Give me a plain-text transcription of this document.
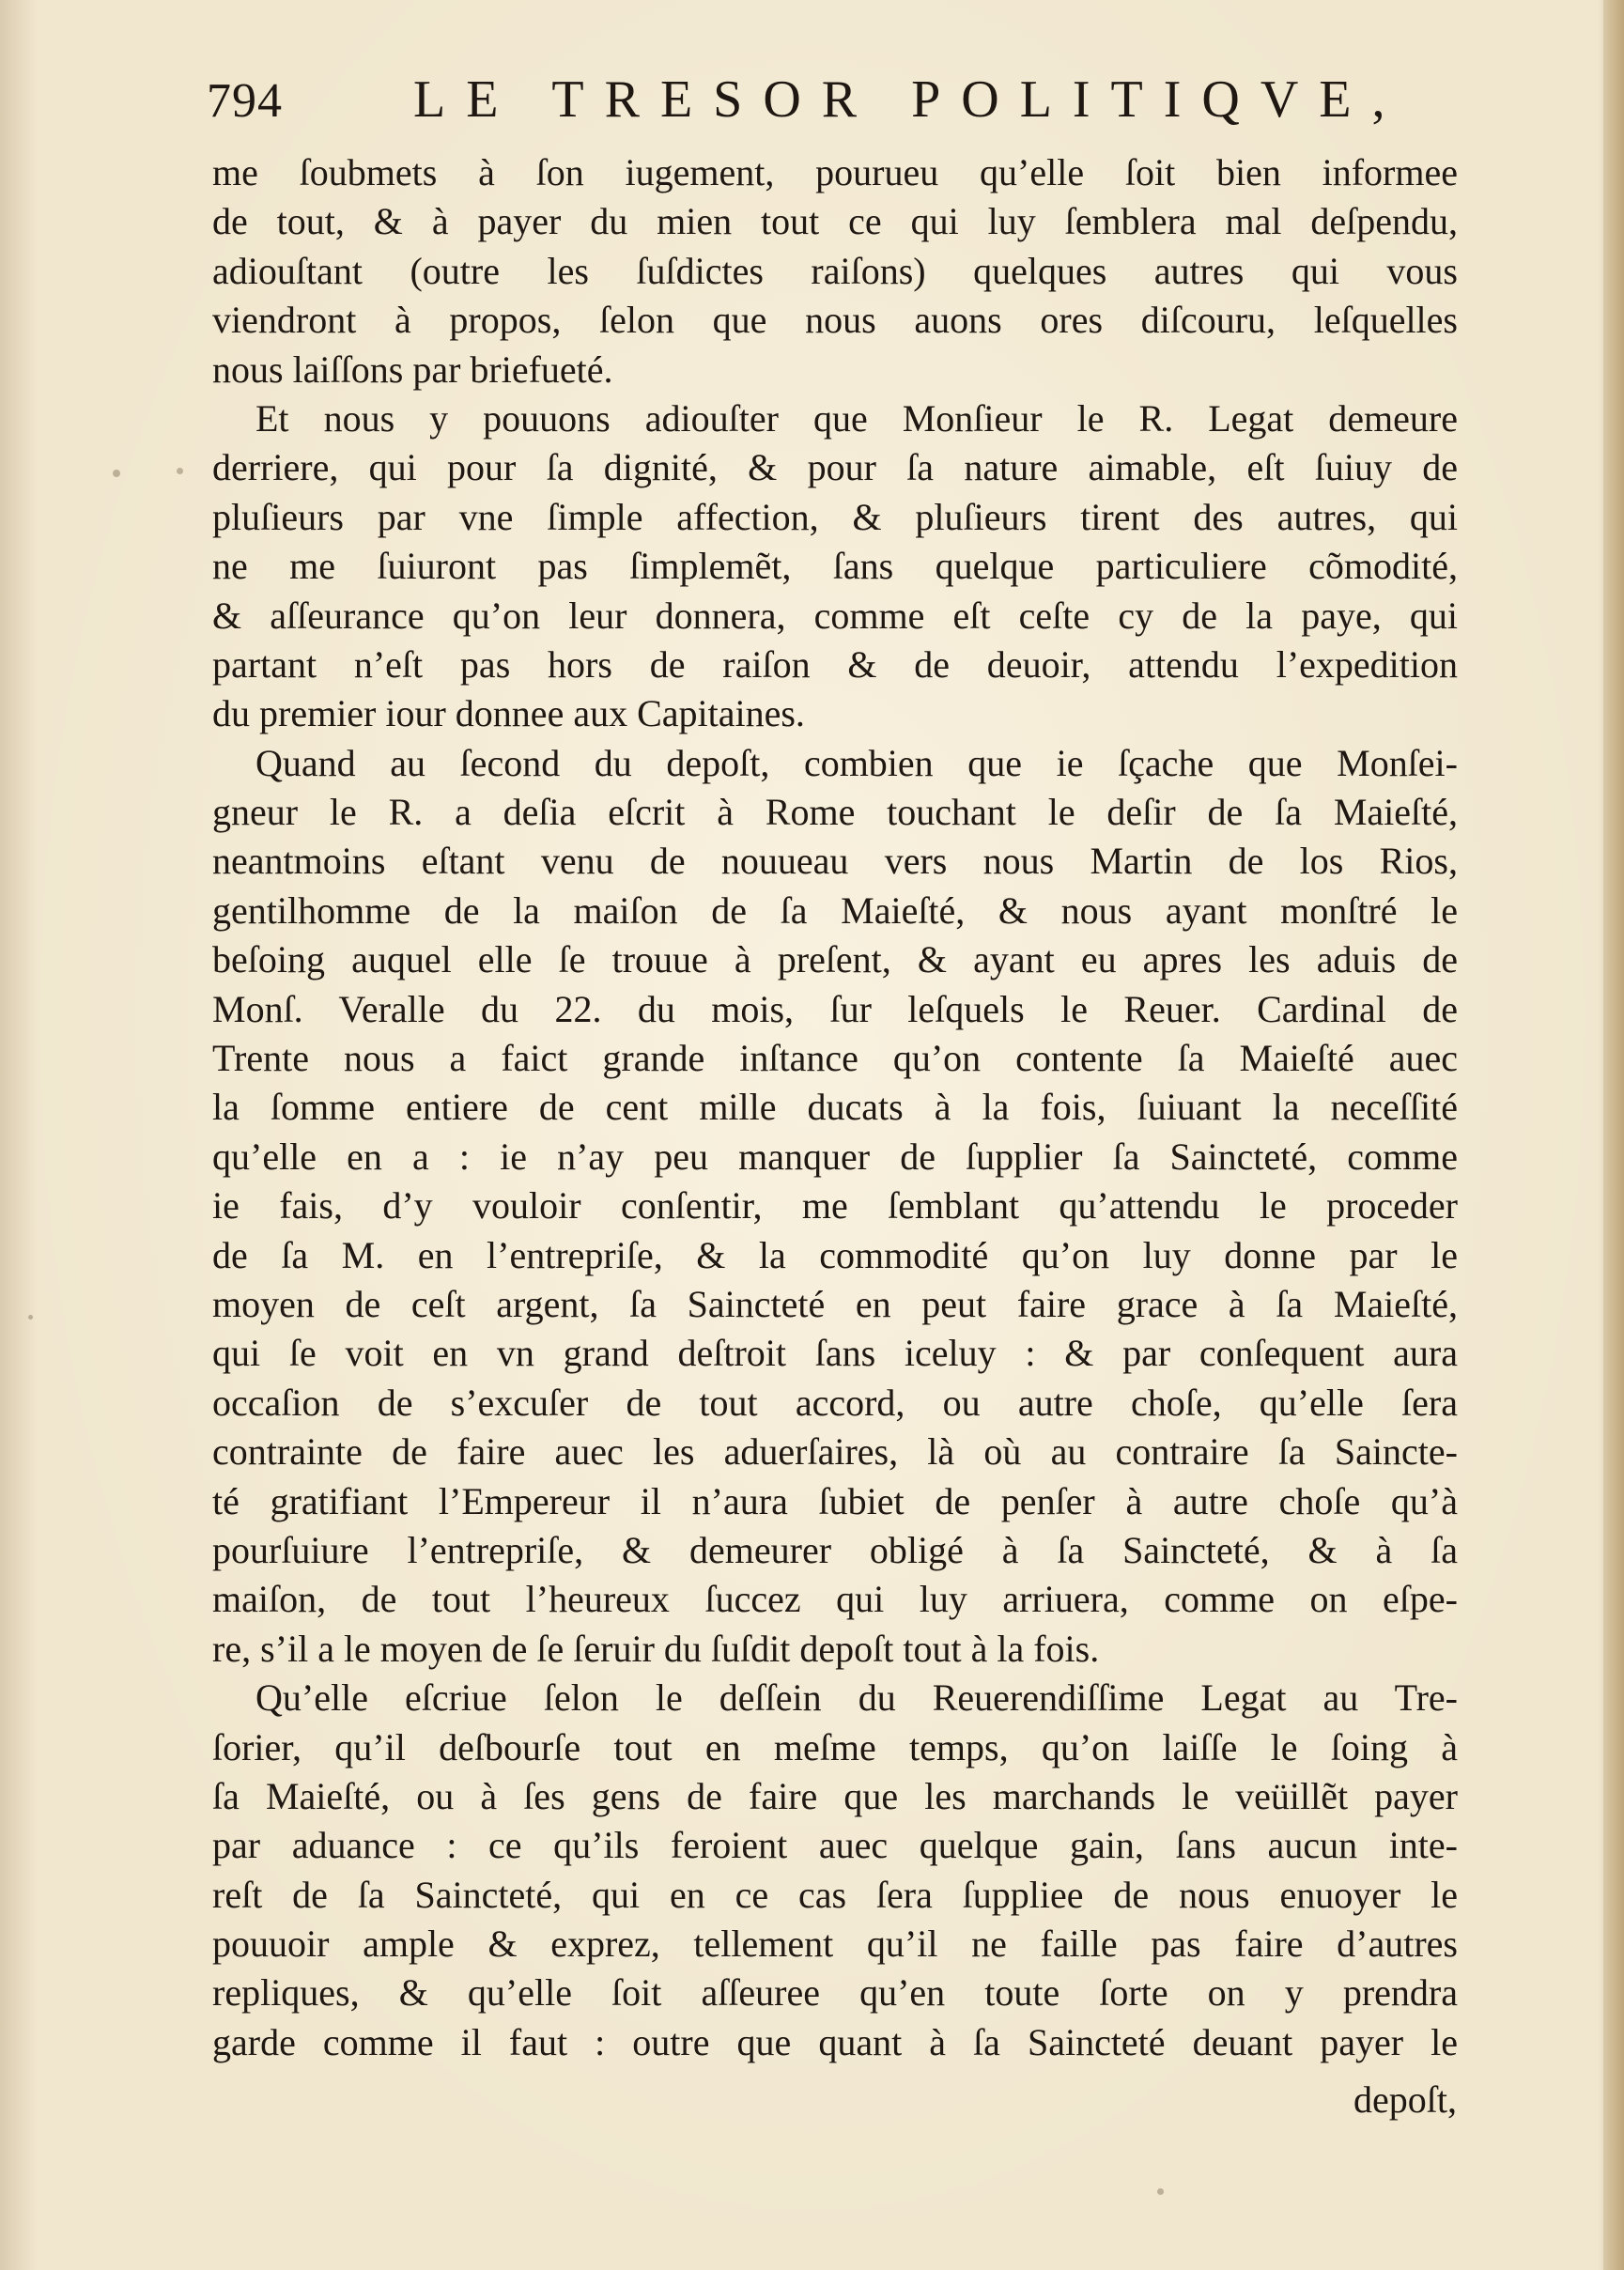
794 LE TRESOR POLITIQVE,
me ſoubmets à ſon iugement, pourueu qu’elle ſoit bien informee
de tout, & à payer du mien tout ce qui luy ſemblera mal deſpendu,
adiouſtant (outre les ſuſdictes raiſons) quelques autres qui vous
viendront à propos, ſelon que nous auons ores diſcouru, leſquelles
nous laiſſons par briefueté.
Et nous y pouuons adiouſter que Monſieur le R. Legat demeure
derriere, qui pour ſa dignité, & pour ſa nature aimable, eſt ſuiuy de
pluſieurs par vne ſimple affection, & pluſieurs tirent des autres, qui
ne me ſuiuront pas ſimplemẽt, ſans quelque particuliere cõmodité,
& aſſeurance qu’on leur donnera, comme eſt ceſte cy de la paye, qui
partant n’eſt pas hors de raiſon & de deuoir, attendu l’expedition
du premier iour donnee aux Capitaines.
Quand au ſecond du depoſt, combien que ie ſçache que Monſei-
gneur le R. a deſia eſcrit à Rome touchant le deſir de ſa Maieſté,
neantmoins eſtant venu de nouueau vers nous Martin de los Rios,
gentilhomme de la maiſon de ſa Maieſté, & nous ayant monſtré le
beſoing auquel elle ſe trouue à preſent, & ayant eu apres les aduis de
Monſ. Veralle du 22. du mois, ſur leſquels le Reuer. Cardinal de
Trente nous a faict grande inſtance qu’on contente ſa Maieſté auec
la ſomme entiere de cent mille ducats à la fois, ſuiuant la neceſſité
qu’elle en a : ie n’ay peu manquer de ſupplier ſa Saincteté, comme
ie fais, d’y vouloir conſentir, me ſemblant qu’attendu le proceder
de ſa M. en l’entrepriſe, & la commodité qu’on luy donne par le
moyen de ceſt argent, ſa Saincteté en peut faire grace à ſa Maieſté,
qui ſe voit en vn grand deſtroit ſans iceluy : & par conſequent aura
occaſion de s’excuſer de tout accord, ou autre choſe, qu’elle ſera
contrainte de faire auec les aduerſaires, là où au contraire ſa Saincte-
té gratifiant l’Empereur il n’aura ſubiet de penſer à autre choſe qu’à
pourſuiure l’entrepriſe, & demeurer obligé à ſa Saincteté, & à ſa
maiſon, de tout l’heureux ſuccez qui luy arriuera, comme on eſpe-
re, s’il a le moyen de ſe ſeruir du ſuſdit depoſt tout à la fois.
Qu’elle eſcriue ſelon le deſſein du Reuerendiſſime Legat au Tre-
ſorier, qu’il deſbourſe tout en meſme temps, qu’on laiſſe le ſoing à
ſa Maieſté, ou à ſes gens de faire que les marchands le veüillẽt payer
par aduance : ce qu’ils feroient auec quelque gain, ſans aucun inte-
reſt de ſa Saincteté, qui en ce cas ſera ſuppliee de nous enuoyer le
pouuoir ample & exprez, tellement qu’il ne faille pas faire d’autres
repliques, & qu’elle ſoit aſſeuree qu’en toute ſorte on y prendra
garde comme il faut : outre que quant à ſa Saincteté deuant payer le
depoſt,
